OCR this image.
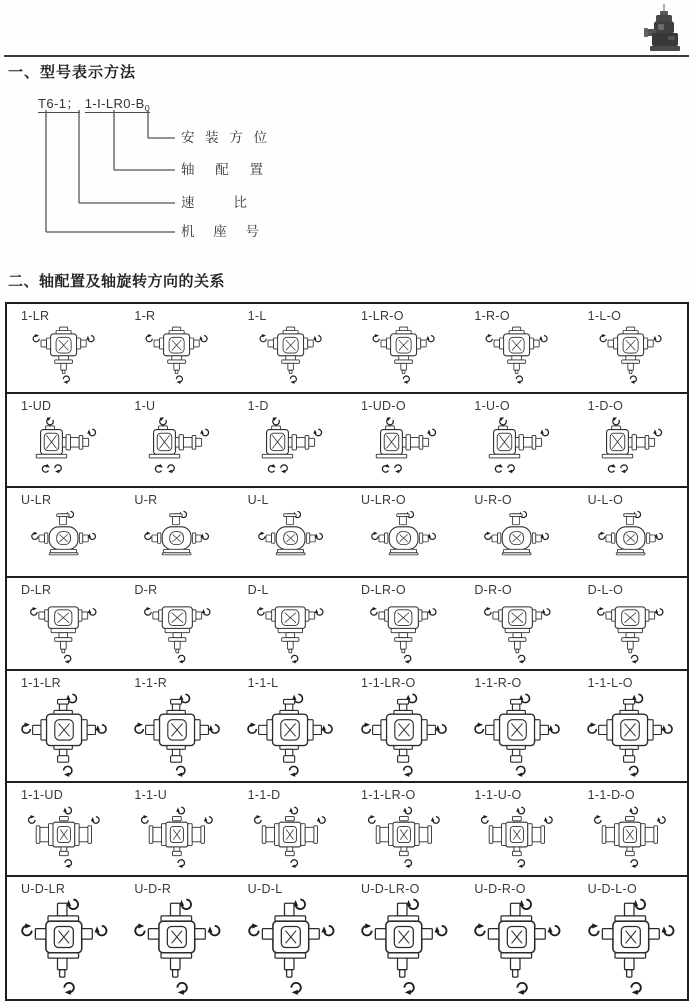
一、型号表示方法
T6-1； $1-I-LR0-B_0$
安装方位
轴配置
速比
机座号
二、轴配置及轴旋转方向的关系
1-LR	1-R	1-L	1-LR-O	1-R-O	1-L-O
1-UD	1-U	1-D	1-UD-O	1-U-O	1-D-O
U-LR	U-R	U-L	U-LR-O	U-R-O	U-L-O
D-LR	D-R	D-L	D-LR-O	D-R-O	D-L-O
1-1-LR	1-1-R	1-1-L	1-1-LR-O	1-1-R-O	1-1-L-O
1-1-UD	1-1-U	1-1-D	1-1-LR-O	1-1-U-O	1-1-D-O
U-D-LR	U-D-R	U-D-L	U-D-LR-O	U-D-R-O	U-D-L-O
